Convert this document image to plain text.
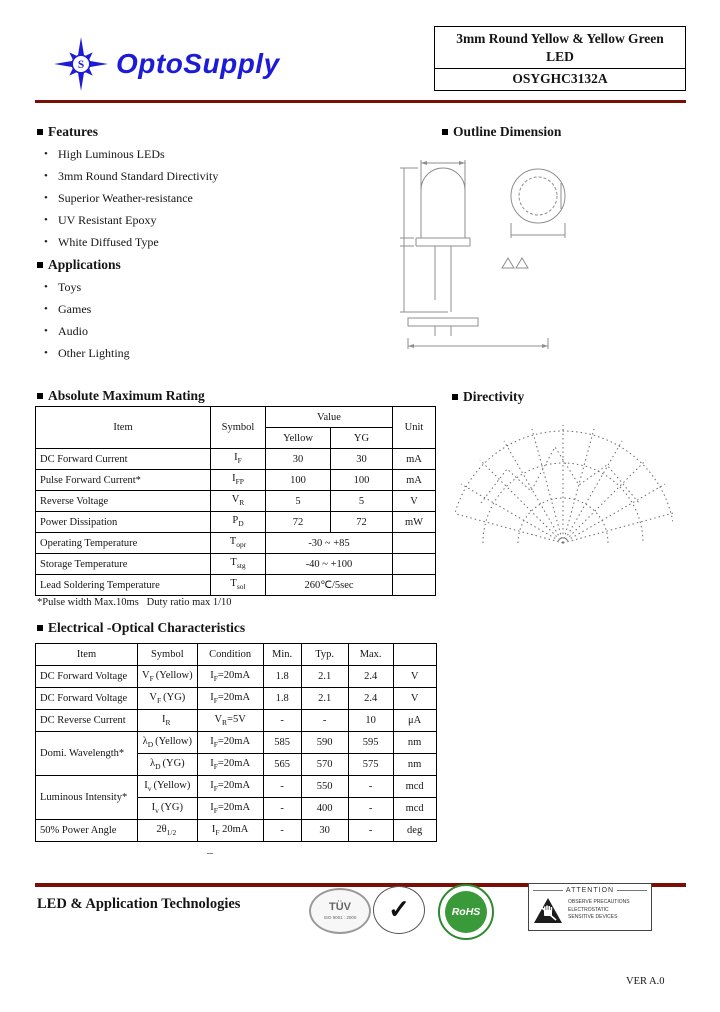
S OptoSupply
3mm Round Yellow & Yellow Green
LED
OSYGHC3132A
Features
• High Luminous LEDs
• 3mm Round Standard Directivity
• Superior Weather-resistance
• UV Resistant Epoxy
• White Diffused Type
Applications
• Toys
• Games
• Audio
• Other Lighting
Outline Dimension
Absolute Maximum Rating
Item	Symbol	Value		Unit
		Yellow	YG	
DC Forward Current	$I_F$	30	30	mA
Pulse Forward Current*	$I_{FP}$	100	100	mA
Reverse Voltage	$V_R$	5	5	V
Power Dissipation	$P_D$	72	72	mW
Operating Temperature	$T_{opr}$	-30 ~ +85		
Storage Temperature	$T_{stg}$	-40 ~ +100		
Lead Soldering Temperature	$T_{sol}$	260℃/5sec		
*Pulse width Max.10ms   Duty ratio max 1/10
Directivity
Electrical -Optical Characteristics
Item	Symbol	Condition	Min.	Typ.	Max.	
DC Forward Voltage	$V_F$ (Yellow)	$I_F=20mA$	1.8	2.1	2.4	V
DC Forward Voltage	$V_F$ (YG)	$I_F=20mA$	1.8	2.1	2.4	V
DC Reverse Current	$I_R$	$V_R=5V$	-	-	10	μA
Domi. Wavelength*	$\lambda_D$ (Yellow)	$I_F=20mA$	585	590	595	nm
	$\lambda_D$ (YG)	$I_F=20mA$	565	570	575	nm
Luminous Intensity*	$I_v$ (Yellow)	$I_F=20mA$	-	550	-	mcd
	$I_v$ (YG)	$I_F=20mA$	-	400	-	mcd
50% Power Angle	$2\theta_{1/2}$	$I_F$ 20mA	-	30	-	deg
–
LED & Application Technologies	TÜV
ISO 9001 : 2000 ✓	RoHS
ATTENTION
OBSERVE PRECAUTIONS
ELECTROSTATIC
SENSITIVE DEVICES
VER A.0
